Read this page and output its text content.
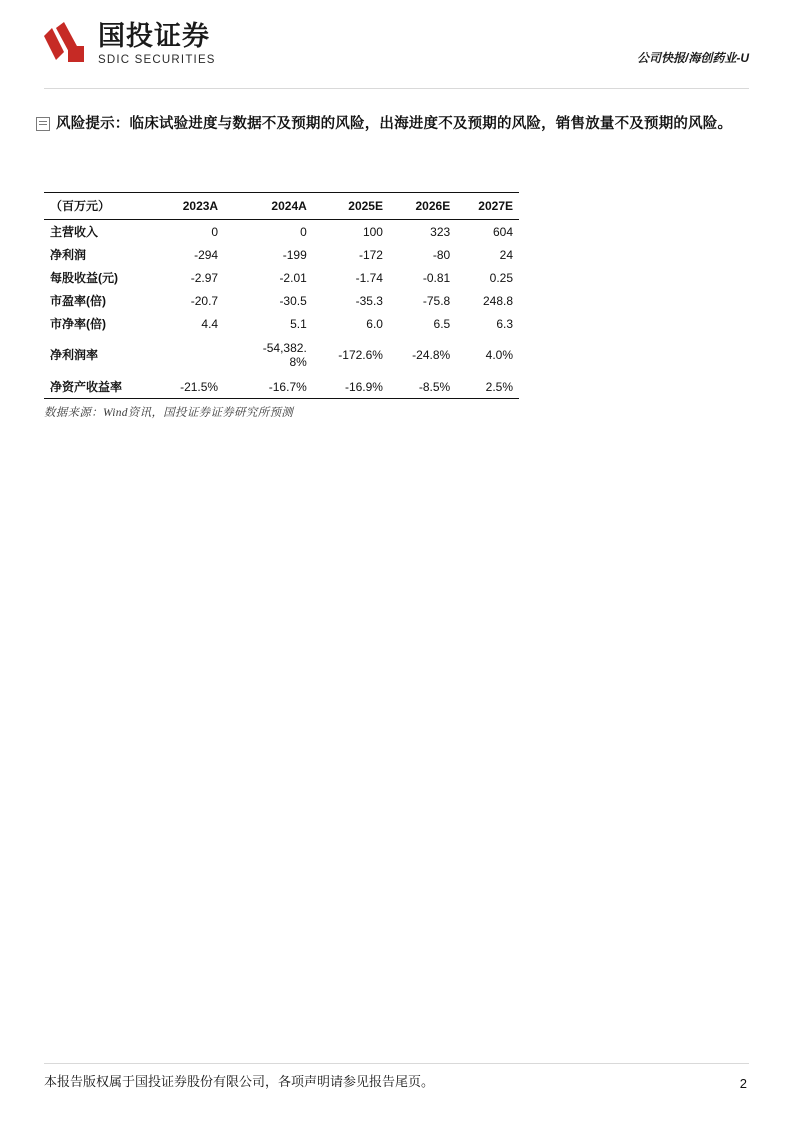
国投证券
SDIC SECURITIES	公司快报/海创药业-U
风险提示：临床试验进度与数据不及预期的风险，出海进度不及预期的风险，销售放量不及预期的风险。
（百万元）	2023A	2024A	2025E	2026E	2027E
主营收入	0	0	100	323	604
净利润	-294	-199	-172	-80	24
每股收益(元)	-2.97	-2.01	-1.74	-0.81	0.25
市盈率(倍)	-20.7	-30.5	-35.3	-75.8	248.8
市净率(倍)	4.4	5.1	6.0	6.5	6.3
净利润率		-54,382.8%	-172.6%	-24.8%	4.0%
净资产收益率	-21.5%	-16.7%	-16.9%	-8.5%	2.5%
数据来源：Wind资讯，国投证券证券研究所预测
本报告版权属于国投证券股份有限公司，各项声明请参见报告尾页。	2
